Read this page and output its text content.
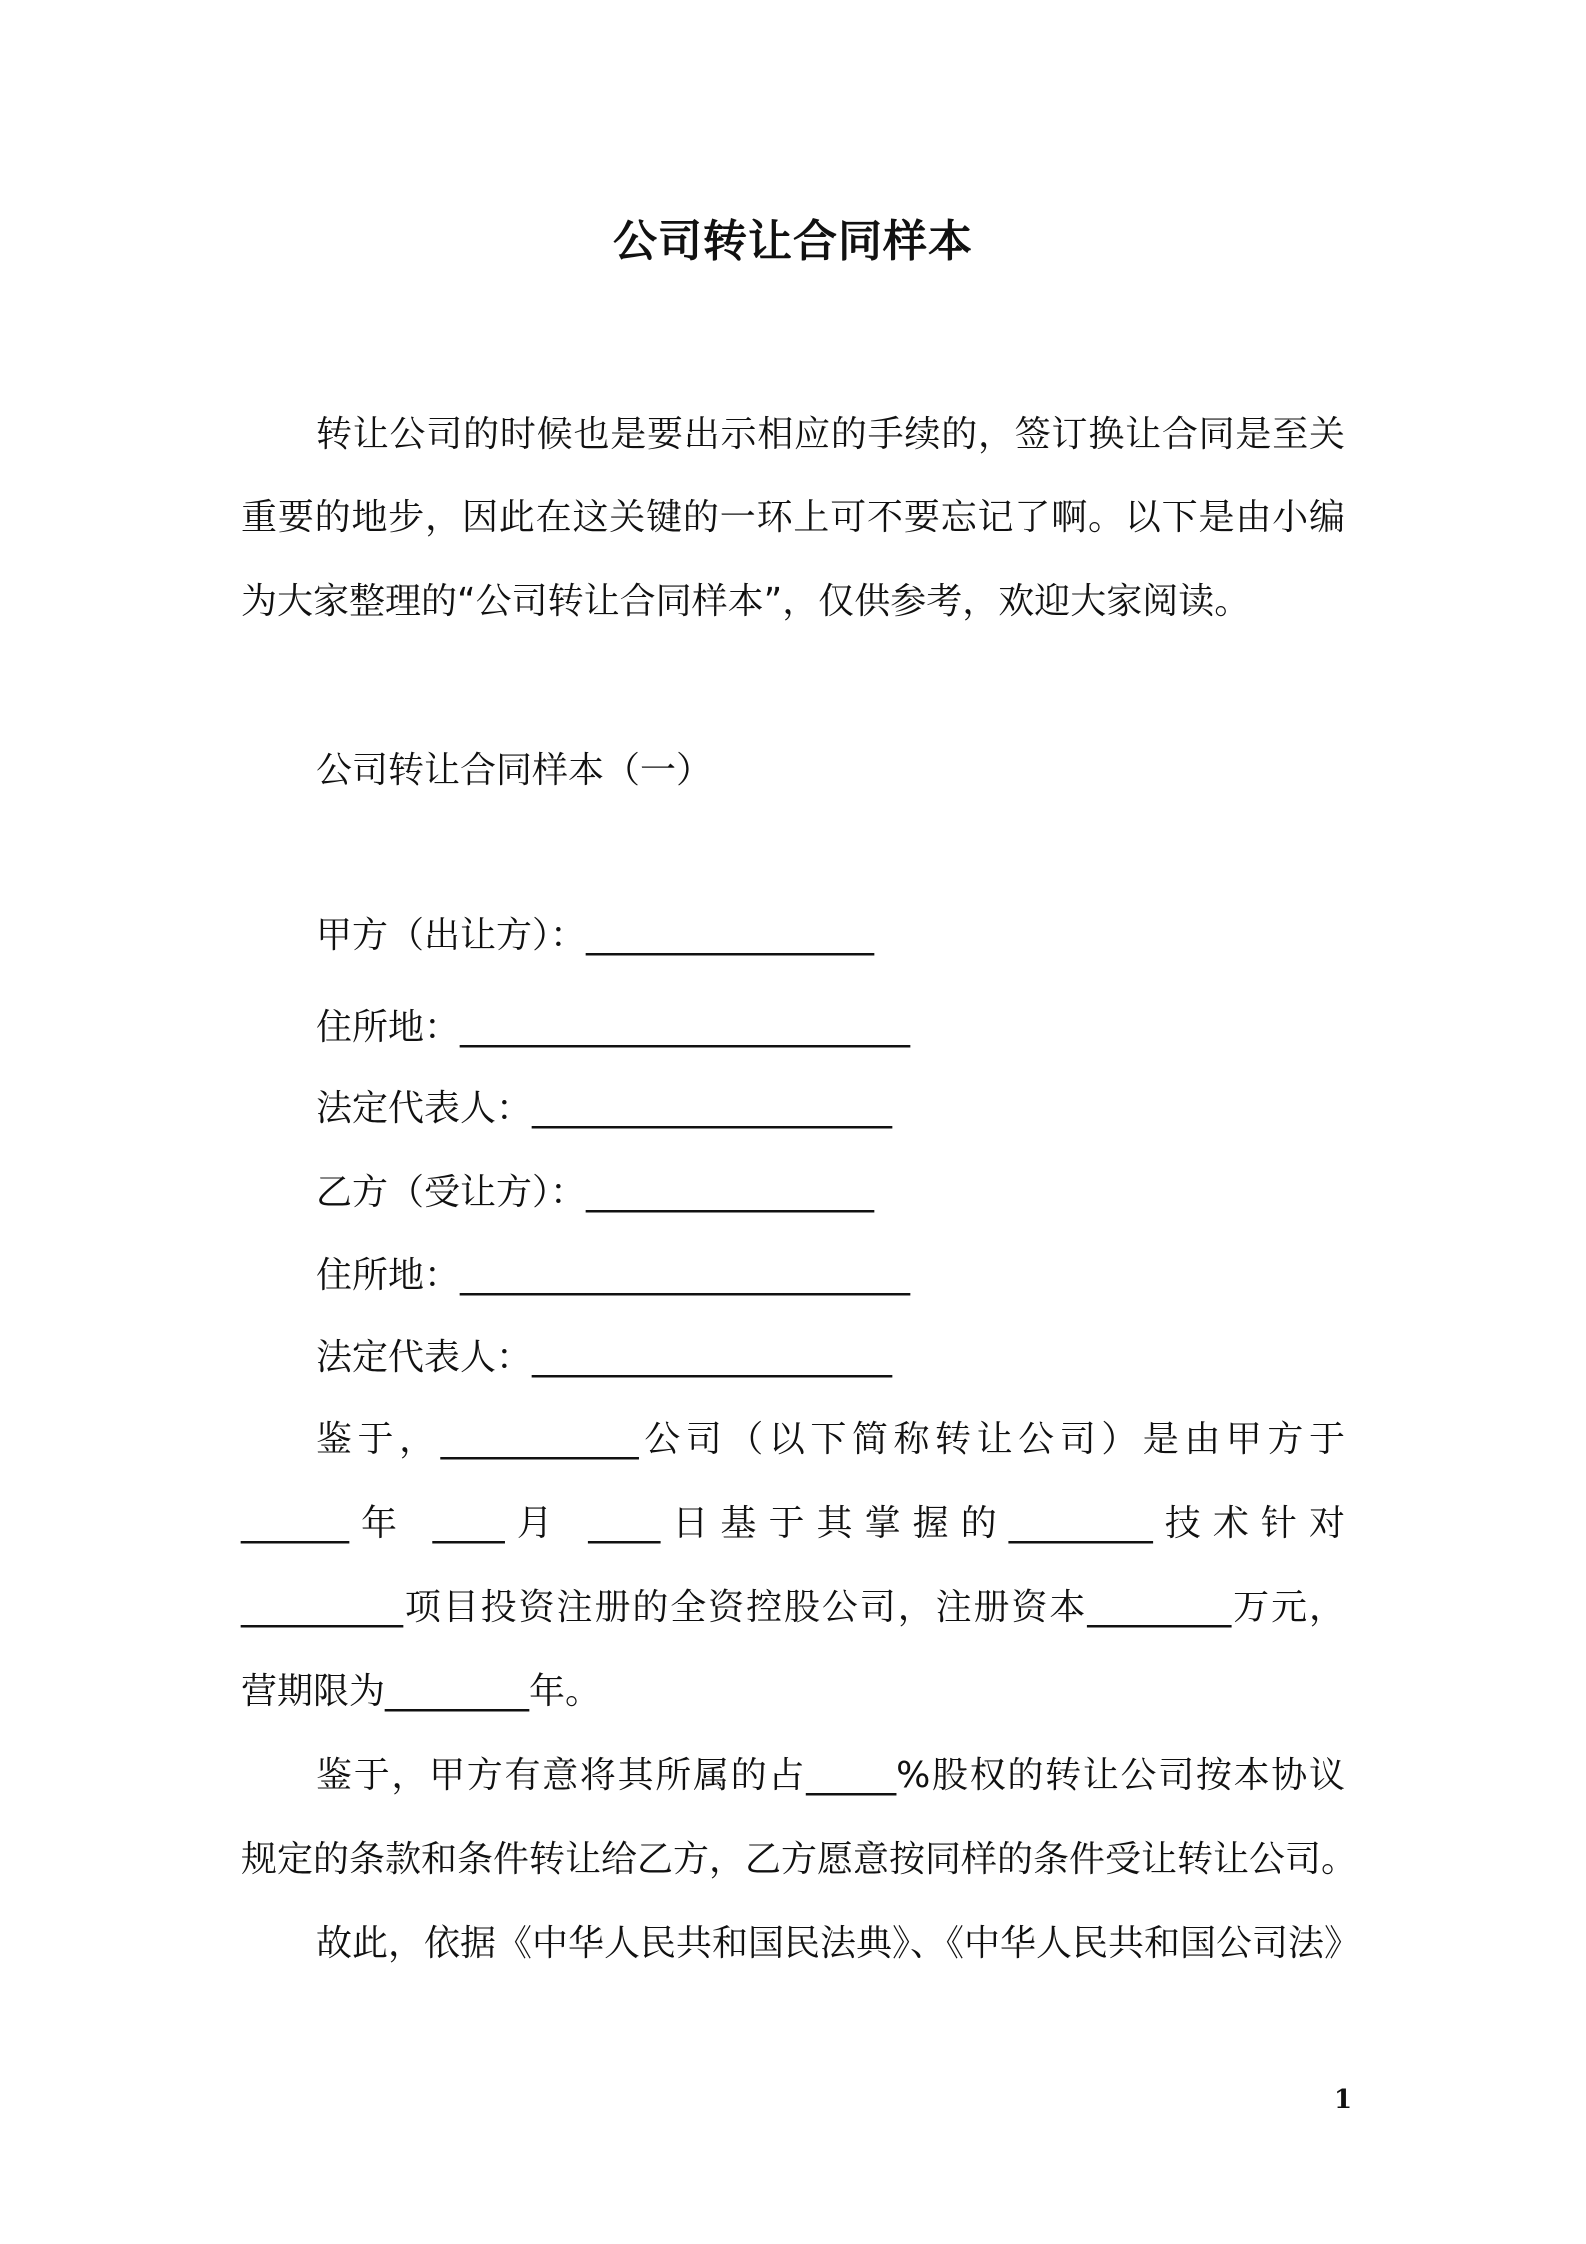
公司转让合同样本
转让公司的时候也是要出示相应的手续的，签订换让合同是至关
重要的地步，因此在这关键的一环上可不要忘记了啊。以下是由小编
为大家整理的“公司转让合同样本”，仅供参考，欢迎大家阅读。
公司转让合同样本（一）
甲方（出让方）：________________
住所地：_________________________
法定代表人：____________________
乙方（受让方）：________________
住所地：_________________________
法定代表人：____________________
鉴于，___________公司（以下简称转让公司）是由甲方于
______年 ____月 ____日基于其掌握的________技术针对
_________项目投资注册的全资控股公司，注册资本________万元，
营期限为________年。
鉴于，甲方有意将其所属的占_____%股权的转让公司按本协议
规定的条款和条件转让给乙方，乙方愿意按同样的条件受让转让公司。
故此，依据《中华人民共和国民法典》、《中华人民共和国公司法》
1
